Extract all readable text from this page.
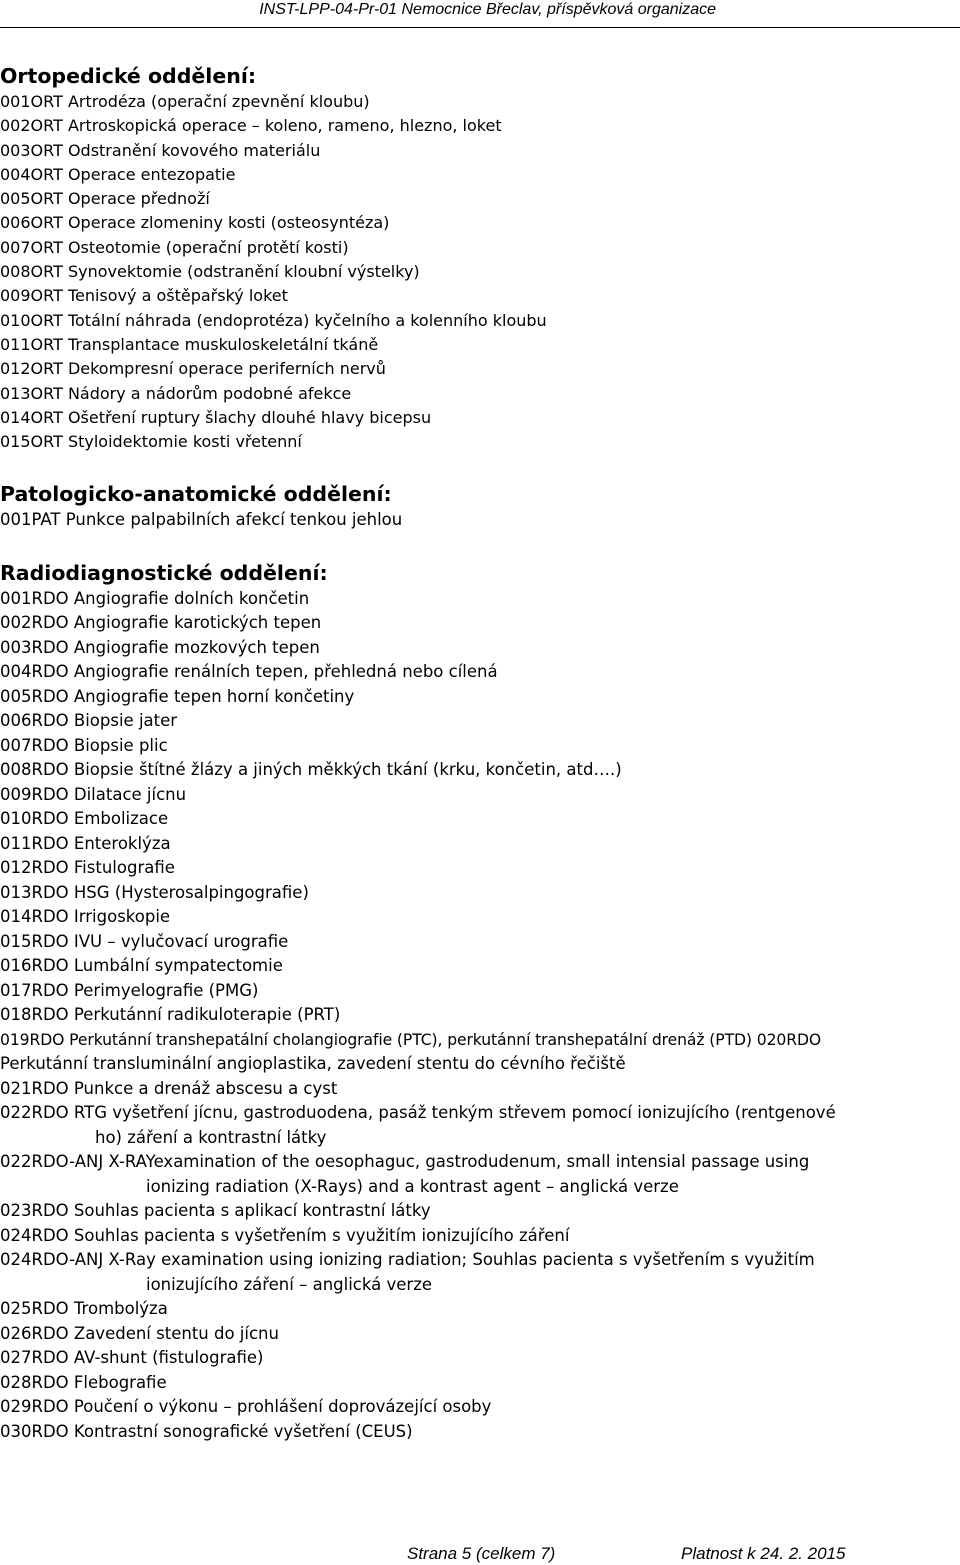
INST-LPP-04-Pr-01 Nemocnice Břeclav, příspěvková organizace
Ortopedické oddělení:
001ORT Artrodéza (operační zpevnění kloubu)
002ORT Artroskopická operace – koleno, rameno, hlezno, loket
003ORT Odstranění kovového materiálu
004ORT Operace entezopatie
005ORT Operace přednoží
006ORT Operace zlomeniny kosti (osteosyntéza)
007ORT Osteotomie (operační protětí kosti)
008ORT Synovektomie (odstranění kloubní výstelky)
009ORT Tenisový a oštěpařský loket
010ORT Totální náhrada (endoprotéza) kyčelního a kolenního kloubu
011ORT Transplantace muskuloskeletální tkáně
012ORT Dekompresní operace periferních nervů
013ORT Nádory a nádorům podobné afekce
014ORT Ošetření ruptury šlachy dlouhé hlavy bicepsu
015ORT Styloidektomie kosti vřetenní
Patologicko-anatomické oddělení:
001PAT Punkce palpabilních afekcí tenkou jehlou
Radiodiagnostické oddělení:
001RDO Angiografie dolních končetin
002RDO Angiografie karotických tepen
003RDO Angiografie mozkových tepen
004RDO Angiografie renálních tepen, přehledná nebo cílená
005RDO Angiografie tepen horní končetiny
006RDO Biopsie jater
007RDO Biopsie plic
008RDO Biopsie štítné žlázy a jiných měkkých tkání (krku, končetin, atd….)
009RDO Dilatace jícnu
010RDO Embolizace
011RDO Enteroklýza
012RDO Fistulografie
013RDO HSG (Hysterosalpingografie)
014RDO Irrigoskopie
015RDO IVU – vylučovací urografie
016RDO Lumbální sympatectomie
017RDO Perimyelografie (PMG)
018RDO Perkutánní radikuloterapie (PRT)
019RDO Perkutánní transhepatální cholangiografie (PTC), perkutánní transhepatální drenáž (PTD) 020RDO
Perkutánní transluminální angioplastika, zavedení stentu do cévního řečiště
021RDO Punkce a drenáž abscesu a cyst
022RDO RTG vyšetření jícnu, gastroduodena, pasáž tenkým střevem pomocí ionizujícího (rentgenové
ho) záření a kontrastní látky
022RDO-ANJ X-RAYexamination of the oesophaguc, gastrodudenum, small intensial passage using
ionizing radiation (X-Rays) and a kontrast agent – anglická verze
023RDO Souhlas pacienta s aplikací kontrastní látky
024RDO Souhlas pacienta s vyšetřením s využitím ionizujícího záření
024RDO-ANJ X-Ray examination using ionizing radiation; Souhlas pacienta s vyšetřením s využitím
ionizujícího záření – anglická verze
025RDO Trombolýza
026RDO Zavedení stentu do jícnu
027RDO AV-shunt (fistulografie)
028RDO Flebografie
029RDO Poučení o výkonu – prohlášení doprovázející osoby
030RDO Kontrastní sonografické vyšetření (CEUS)
Strana 5 (celkem 7)	Platnost k 24. 2. 2015
